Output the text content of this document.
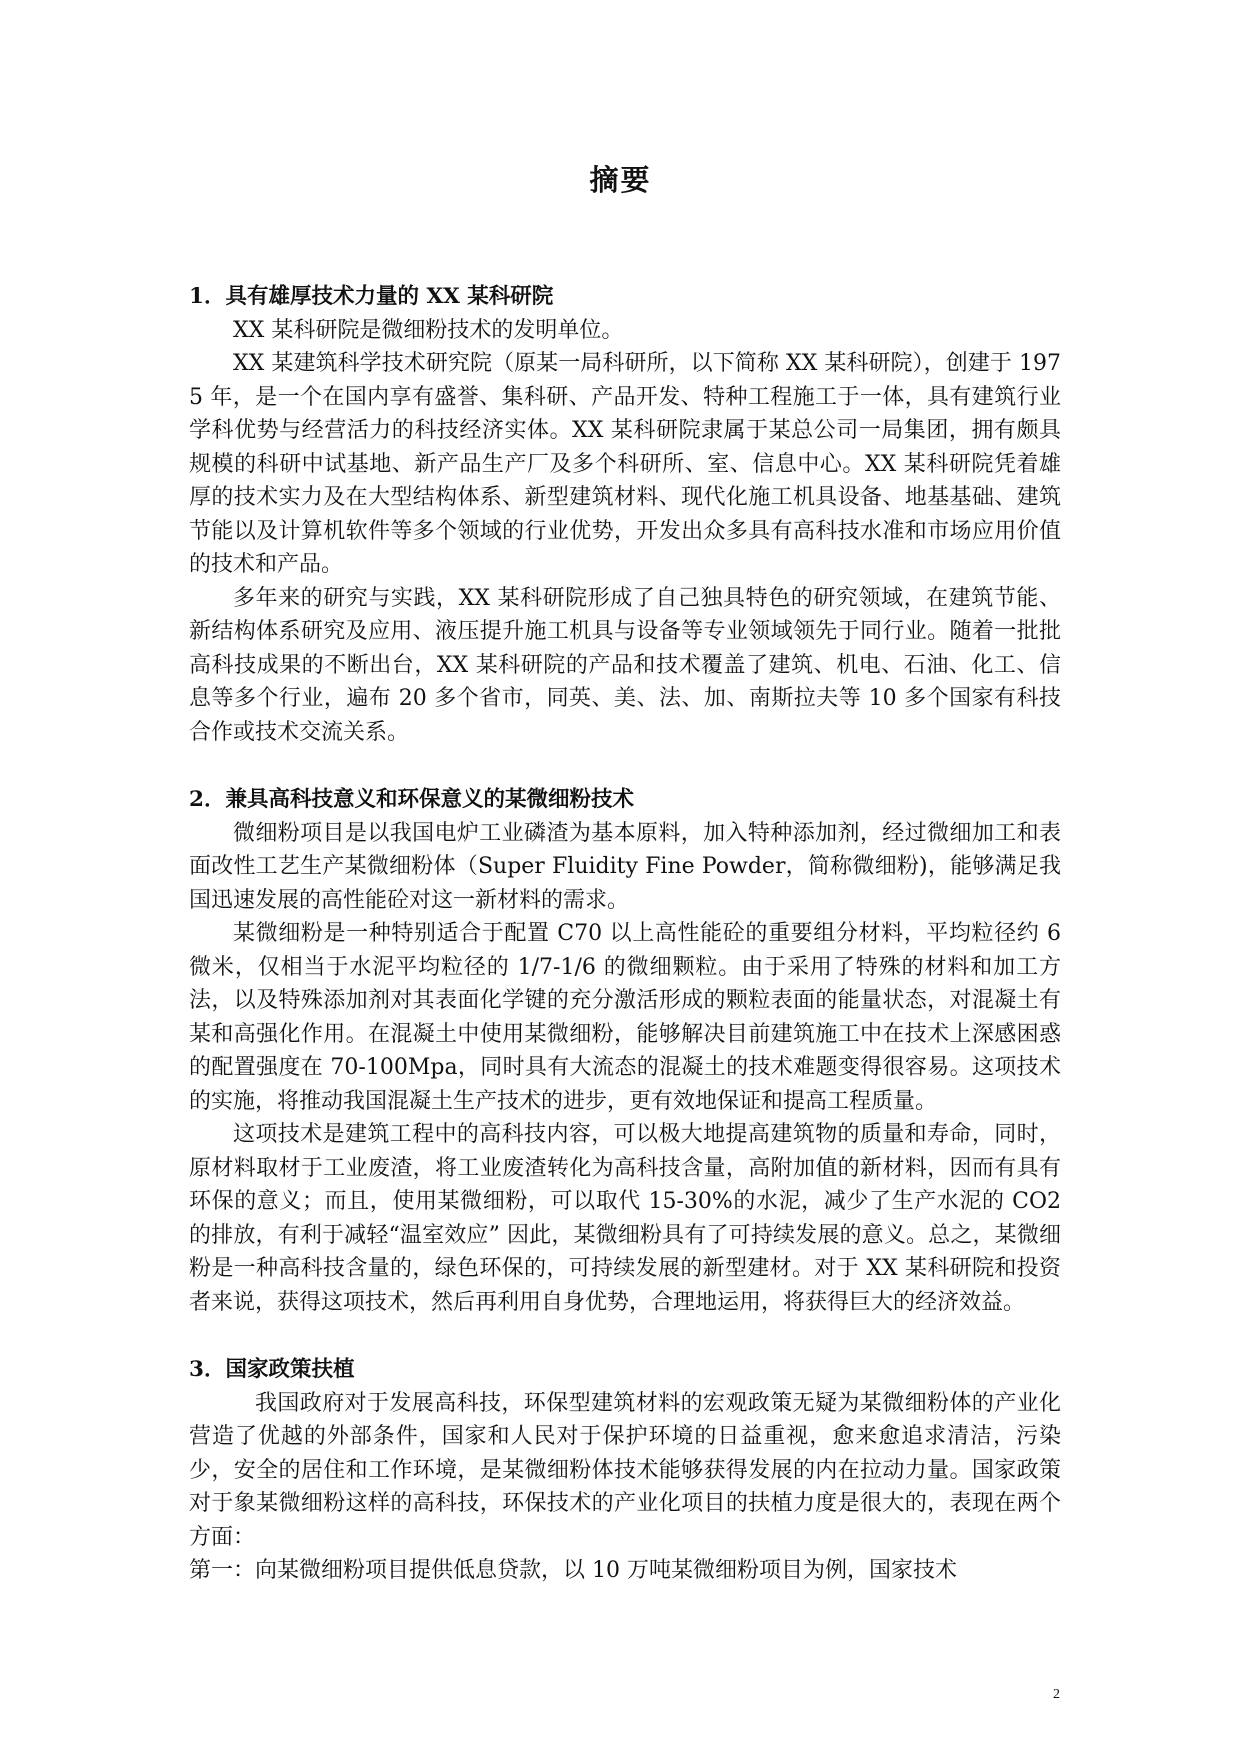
摘要

1．具有雄厚技术力量的 XX 某科研院

XX 某科研院是微细粉技术的发明单位。

XX 某建筑科学技术研究院（原某一局科研所，以下简称 XX 某科研院），创建于 1975 年，是一个在国内享有盛誉、集科研、产品开发、特种工程施工于一体，具有建筑行业学科优势与经营活力的科技经济实体。XX 某科研院隶属于某总公司一局集团，拥有颇具规模的科研中试基地、新产品生产厂及多个科研所、室、信息中心。XX 某科研院凭着雄厚的技术实力及在大型结构体系、新型建筑材料、现代化施工机具设备、地基基础、建筑节能以及计算机软件等多个领域的行业优势，开发出众多具有高科技水准和市场应用价值的技术和产品。

多年来的研究与实践，XX 某科研院形成了自己独具特色的研究领域，在建筑节能、新结构体系研究及应用、液压提升施工机具与设备等专业领域领先于同行业。随着一批批高科技成果的不断出台，XX 某科研院的产品和技术覆盖了建筑、机电、石油、化工、信息等多个行业，遍布 20 多个省市，同英、美、法、加、南斯拉夫等 10 多个国家有科技合作或技术交流关系。

2．兼具高科技意义和环保意义的某微细粉技术

微细粉项目是以我国电炉工业磷渣为基本原料，加入特种添加剂，经过微细加工和表面改性工艺生产某微细粉体（Super Fluidity Fine Powder，简称微细粉)，能够满足我国迅速发展的高性能砼对这一新材料的需求。

某微细粉是一种特别适合于配置 C70 以上高性能砼的重要组分材料，平均粒径约 6 微米，仅相当于水泥平均粒径的 1/7-1/6 的微细颗粒。由于采用了特殊的材料和加工方法，以及特殊添加剂对其表面化学键的充分激活形成的颗粒表面的能量状态，对混凝土有某和高强化作用。在混凝土中使用某微细粉，能够解决目前建筑施工中在技术上深感困惑的配置强度在 70-100Mpa，同时具有大流态的混凝土的技术难题变得很容易。这项技术的实施，将推动我国混凝土生产技术的进步，更有效地保证和提高工程质量。

这项技术是建筑工程中的高科技内容，可以极大地提高建筑物的质量和寿命，同时，原材料取材于工业废渣，将工业废渣转化为高科技含量，高附加值的新材料，因而有具有环保的意义；而且，使用某微细粉，可以取代 15-30%的水泥，减少了生产水泥的 CO2 的排放，有利于减轻“温室效应” 因此，某微细粉具有了可持续发展的意义。总之，某微细粉是一种高科技含量的，绿色环保的，可持续发展的新型建材。对于 XX 某科研院和投资者来说，获得这项技术，然后再利用自身优势，合理地运用，将获得巨大的经济效益。

3．国家政策扶植

我国政府对于发展高科技，环保型建筑材料的宏观政策无疑为某微细粉体的产业化营造了优越的外部条件，国家和人民对于保护环境的日益重视，愈来愈追求清洁，污染少，安全的居住和工作环境，是某微细粉体技术能够获得发展的内在拉动力量。国家政策对于象某微细粉这样的高科技，环保技术的产业化项目的扶植力度是很大的，表现在两个方面：

第一：向某微细粉项目提供低息贷款，以 10 万吨某微细粉项目为例，国家技术

2
